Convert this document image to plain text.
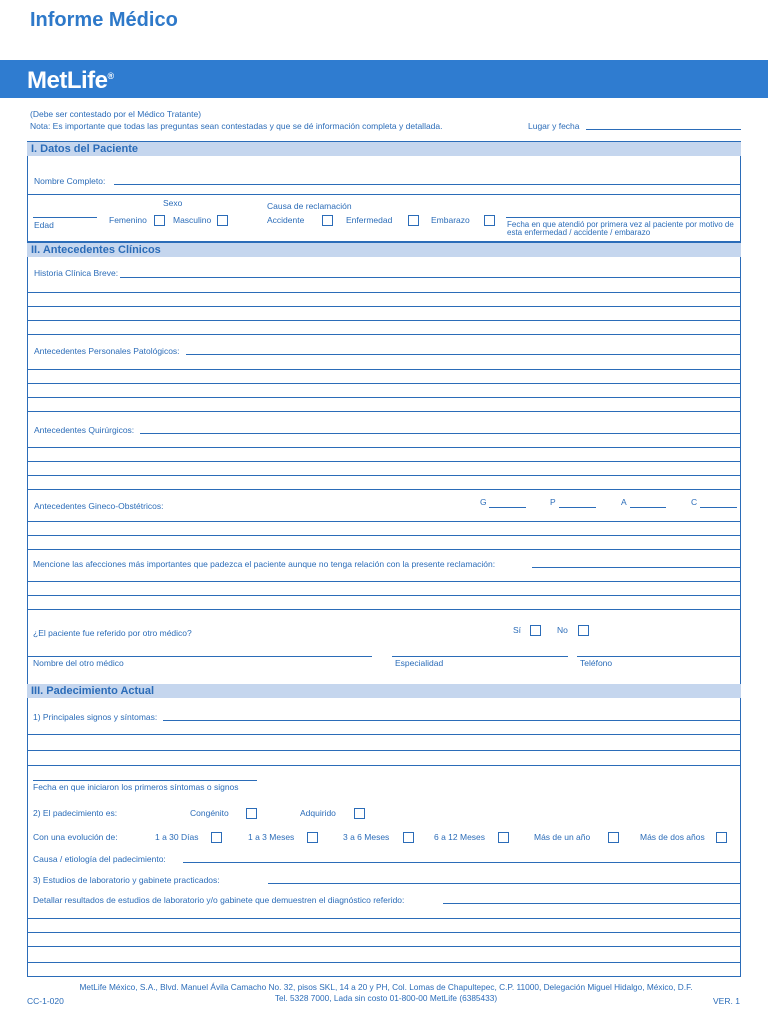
Informe Médico
MetLife®
(Debe ser contestado por el Médico Tratante)
Nota: Es importante que todas las preguntas sean contestadas y que se dé información completa y detallada.	Lugar y fecha
I. Datos del Paciente
Nombre Completo:
Sexo	Causa de reclamación
Edad	Femenino	Masculino	Accidente	Enfermedad	Embarazo	Fecha en que atendió por primera vez al paciente por motivo de esta enfermedad / accidente / embarazo
II. Antecedentes Clínicos
Historia Clínica Breve:
Antecedentes Personales Patológicos:
Antecedentes Quirúrgicos:
Antecedentes Gineco-Obstétricos:	G	P	A	C
Mencione las afecciones más importantes que padezca el paciente aunque no tenga relación con la presente reclamación:
¿El paciente fue referido por otro médico?	Sí	No
Nombre del otro médico	Especialidad	Teléfono
III. Padecimiento Actual
1) Principales signos y síntomas:
Fecha en que iniciaron los primeros síntomas o signos
2) El padecimiento es:	Congénito	Adquirido
Con una evolución de:	1 a 30 Días	1 a 3 Meses	3 a 6 Meses	6 a 12 Meses	Más de un año	Más de dos años
Causa / etiología del padecimiento:
3) Estudios de laboratorio y gabinete practicados:
Detallar resultados de estudios de laboratorio y/o gabinete que demuestren el diagnóstico referido:
MetLife México, S.A., Blvd. Manuel Ávila Camacho No. 32, pisos SKL, 14 a 20 y PH, Col. Lomas de Chapultepec, C.P. 11000, Delegación Miguel Hidalgo, México, D.F.
Tel. 5328 7000, Lada sin costo 01-800-00 MetLife (6385433)
CC-1-020	VER. 1
